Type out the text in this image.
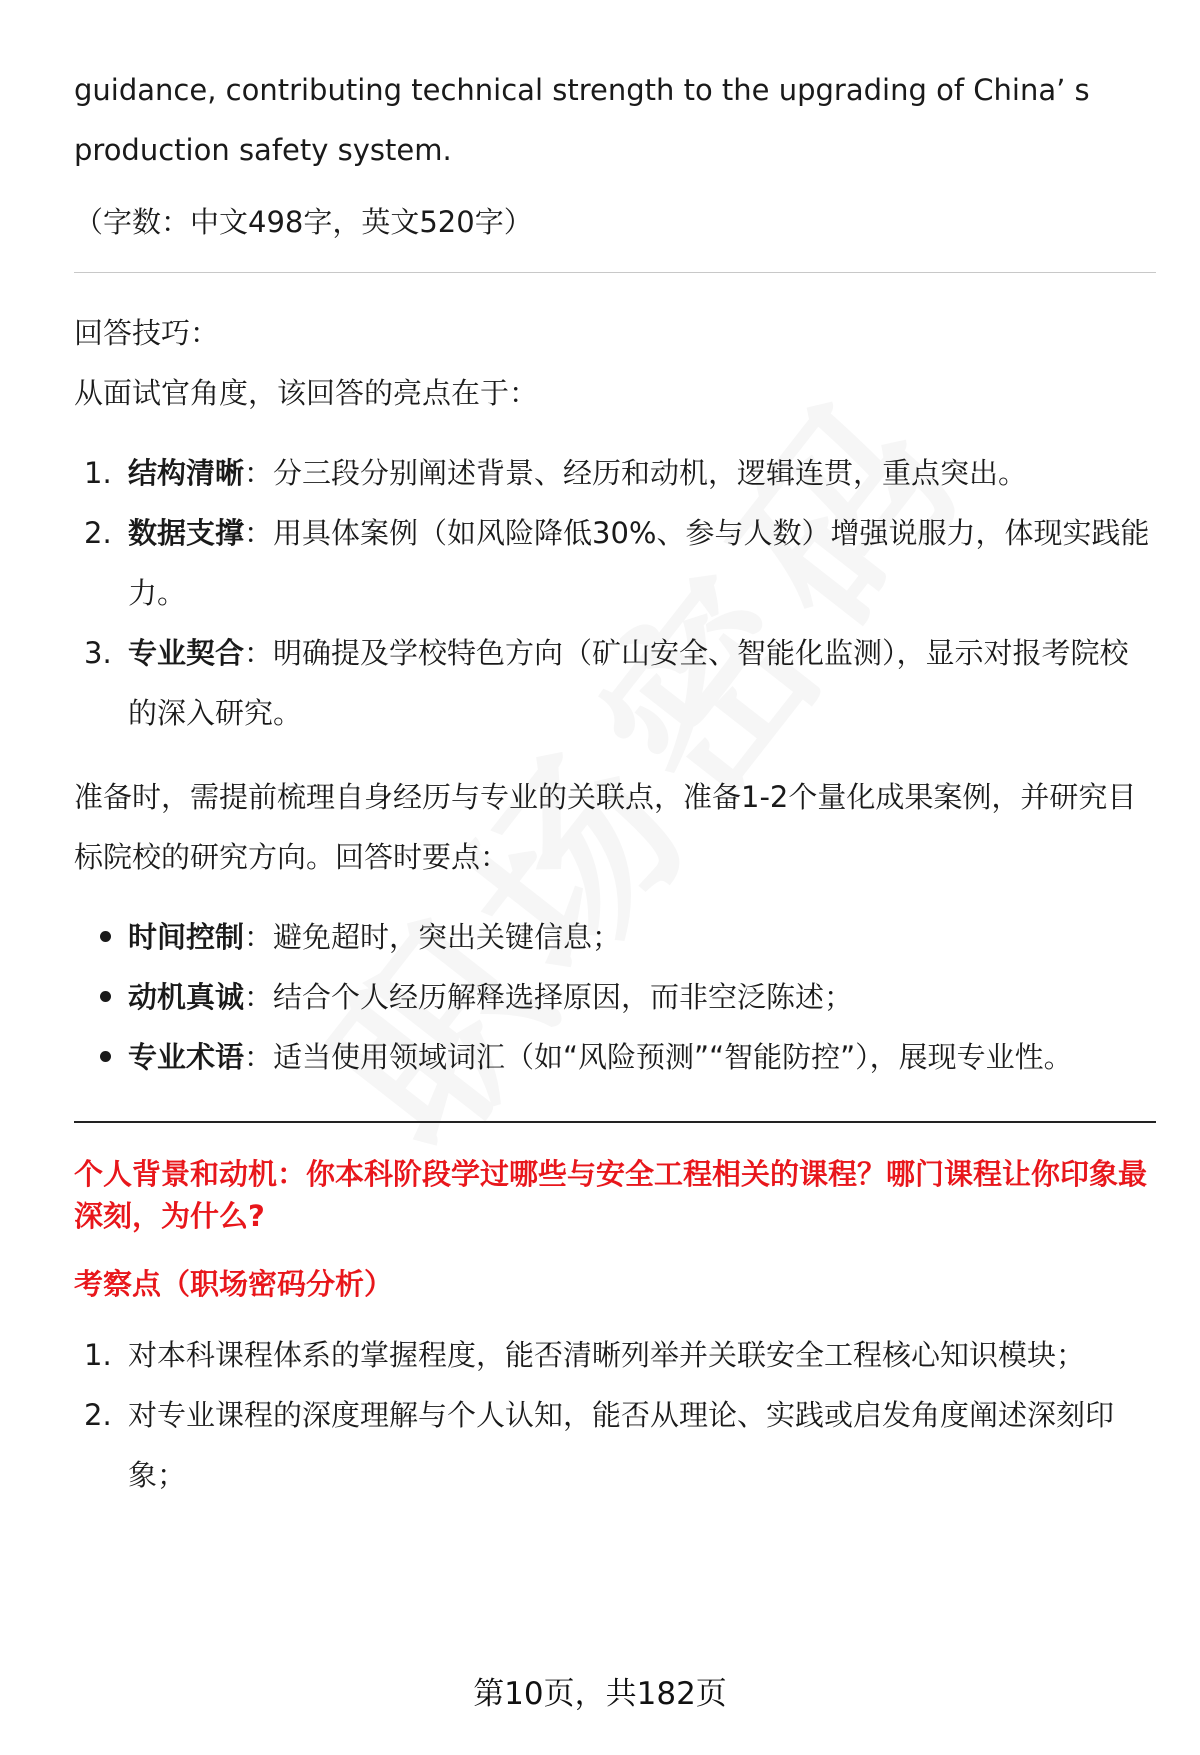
guidance, contributing technical strength to the upgrading of China’ s

production safety system.

（字数：中文498字，英文520字）

回答技巧：

从面试官角度，该回答的亮点在于：

1. 结构清晰：分三段分别阐述背景、经历和动机，逻辑连贯，重点突出。
2. 数据支撑：用具体案例（如风险降低30%、参与人数）增强说服力，体现实践能力。
3. 专业契合：明确提及学校特色方向（矿山安全、智能化监测），显示对报考院校的深入研究。

准备时，需提前梳理自身经历与专业的关联点，准备1-2个量化成果案例，并研究目标院校的研究方向。回答时要点：

时间控制：避免超时，突出关键信息；
动机真诚：结合个人经历解释选择原因，而非空泛陈述；
专业术语：适当使用领域词汇（如“风险预测”“智能防控”），展现专业性。

个人背景和动机：你本科阶段学过哪些与安全工程相关的课程？哪门课程让你印象最深刻，为什么?

考察点（职场密码分析）

1. 对本科课程体系的掌握程度，能否清晰列举并关联安全工程核心知识模块；
2. 对专业课程的深度理解与个人认知，能否从理论、实践或启发角度阐述深刻印象；
第10页，共182页
